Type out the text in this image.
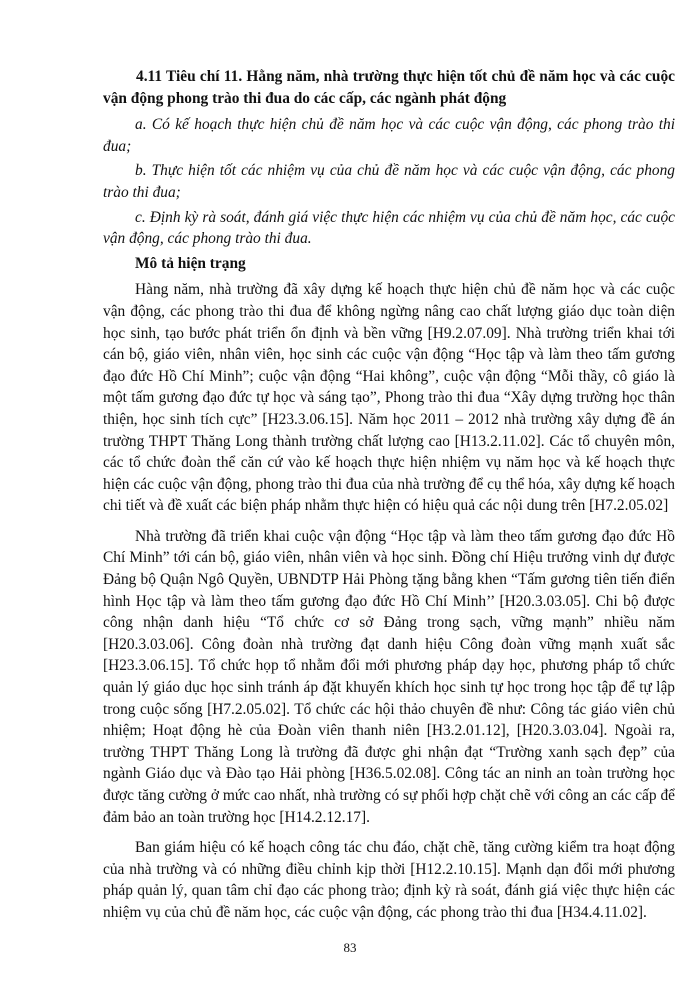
4.11 Tiêu chí 11. Hằng năm, nhà trường thực hiện tốt chủ đề năm học và các cuộc vận động phong trào thi đua do các cấp, các ngành phát động

a. Có kế hoạch thực hiện chủ đề năm học và các cuộc vận động, các phong trào thi đua;

b. Thực hiện tốt các nhiệm vụ của chủ đề năm học và các cuộc vận động, các phong trào thi đua;

c. Định kỳ rà soát, đánh giá việc thực hiện các nhiệm vụ của chủ đề năm học, các cuộc vận động, các phong trào thi đua.

Mô tả hiện trạng

Hàng năm, nhà trường đã xây dựng kế hoạch thực hiện chủ đề năm học và các cuộc vận động, các phong trào thi đua để không ngừng nâng cao chất lượng giáo dục toàn diện học sinh, tạo bước phát triển ổn định và bền vững [H9.2.07.09]. Nhà trường triển khai tới cán bộ, giáo viên, nhân viên, học sinh các cuộc vận động “Học tập và làm theo tấm gương đạo đức Hồ Chí Minh”; cuộc vận động “Hai không”, cuộc vận động “Mỗi thầy, cô giáo là một tấm gương đạo đức tự học và sáng tạo”, Phong trào thi đua “Xây dựng trường học thân thiện, học sinh tích cực” [H23.3.06.15]. Năm học 2011 – 2012 nhà trường xây dựng đề án trường THPT Thăng Long thành trường chất lượng cao [H13.2.11.02]. Các tổ chuyên môn, các tổ chức đoàn thể căn cứ vào kế hoạch thực hiện nhiệm vụ năm học và kế hoạch thực hiện các cuộc vận động, phong trào thi đua của nhà trường để cụ thể hóa, xây dựng kế hoạch chi tiết và đề xuất các biện pháp nhằm thực hiện có hiệu quả các nội dung trên [H7.2.05.02]

Nhà trường đã triển khai cuộc vận động “Học tập và làm theo tấm gương đạo đức Hồ Chí Minh” tới cán bộ, giáo viên, nhân viên và học sinh. Đồng chí Hiệu trưởng vinh dự được Đảng bộ Quận Ngô Quyền, UBNDTP Hải Phòng tặng bằng khen “Tấm gương tiên tiến điển hình Học tập và làm theo tấm gương đạo đức Hồ Chí Minh’’ [H20.3.03.05]. Chi bộ được công nhận danh hiệu “Tổ chức cơ sở Đảng trong sạch, vững mạnh” nhiều năm [H20.3.03.06]. Công đoàn nhà trường đạt danh hiệu Công đoàn vững mạnh xuất sắc [H23.3.06.15]. Tổ chức họp tổ nhằm đổi mới phương pháp dạy học, phương pháp tổ chức quản lý giáo dục học sinh tránh áp đặt khuyến khích học sinh tự học trong học tập để tự lập trong cuộc sống [H7.2.05.02]. Tổ chức các hội thảo chuyên đề như: Công tác giáo viên chủ nhiệm; Hoạt động hè của Đoàn viên thanh niên [H3.2.01.12], [H20.3.03.04]. Ngoài ra, trường THPT Thăng Long là trường đã được ghi nhận đạt “Trường xanh sạch đẹp” của ngành Giáo dục và Đào tạo Hải phòng [H36.5.02.08]. Công tác an ninh an toàn trường học được tăng cường ở mức cao nhất, nhà trường có sự phối hợp chặt chẽ với công an các cấp để đảm bảo an toàn trường học [H14.2.12.17].

Ban giám hiệu có kế hoạch công tác chu đáo, chặt chẽ, tăng cường kiểm tra hoạt động của nhà trường và có những điều chỉnh kịp thời [H12.2.10.15]. Mạnh dạn đổi mới phương pháp quản lý, quan tâm chỉ đạo các phong trào; định kỳ rà soát, đánh giá việc thực hiện các nhiệm vụ của chủ đề năm học, các cuộc vận động, các phong trào thi đua [H34.4.11.02].

83
